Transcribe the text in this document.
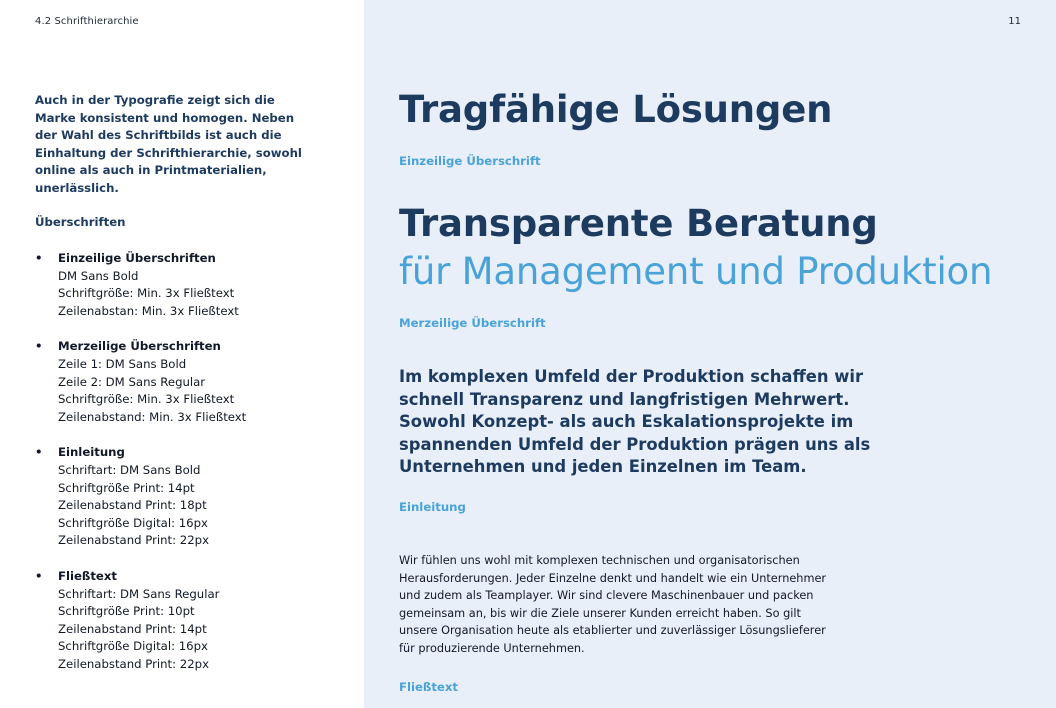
4.2 Schrifthierarchie	11

Auch in der Typografie zeigt sich die Marke konsistent und homogen. Neben der Wahl des Schriftbilds ist auch die Einhaltung der Schrifthierarchie, sowohl online als auch in Printmaterialien, unerlässlich.

Überschriften
• Einzeilige Überschriften
DM Sans Bold
Schriftgröße: Min. 3x Fließtext
Zeilenabstan: Min. 3x Fließtext
• Merzeilige Überschriften
Zeile 1: DM Sans Bold
Zeile 2: DM Sans Regular
Schriftgröße: Min. 3x Fließtext
Zeilenabstand: Min. 3x Fließtext
• Einleitung
Schriftart: DM Sans Bold
Schriftgröße Print: 14pt
Zeilenabstand Print: 18pt
Schriftgröße Digital: 16px
Zeilenabstand Print: 22px
• Fließtext
Schriftart: DM Sans Regular
Schriftgröße Print: 10pt
Zeilenabstand Print: 14pt
Schriftgröße Digital: 16px
Zeilenabstand Print: 22px
Tragfähige Lösungen
Einzeilige Überschrift
Transparente Beratung
für Management und Produktion
Merzeilige Überschrift

Im komplexen Umfeld der Produktion schaffen wir schnell Transparenz und langfristigen Mehrwert. Sowohl Konzept- als auch Eskalationsprojekte im spannenden Umfeld der Produktion prägen uns als Unternehmen und jeden Einzelnen im Team.

Einleitung

Wir fühlen uns wohl mit komplexen technischen und organisatorischen Herausforderungen. Jeder Einzelne denkt und handelt wie ein Unternehmer und zudem als Teamplayer. Wir sind clevere Maschinenbauer und packen gemeinsam an, bis wir die Ziele unserer Kunden erreicht haben. So gilt unsere Organisation heute als etablierter und zuverlässiger Lösungslieferer für produzierende Unternehmen.

Fließtext
